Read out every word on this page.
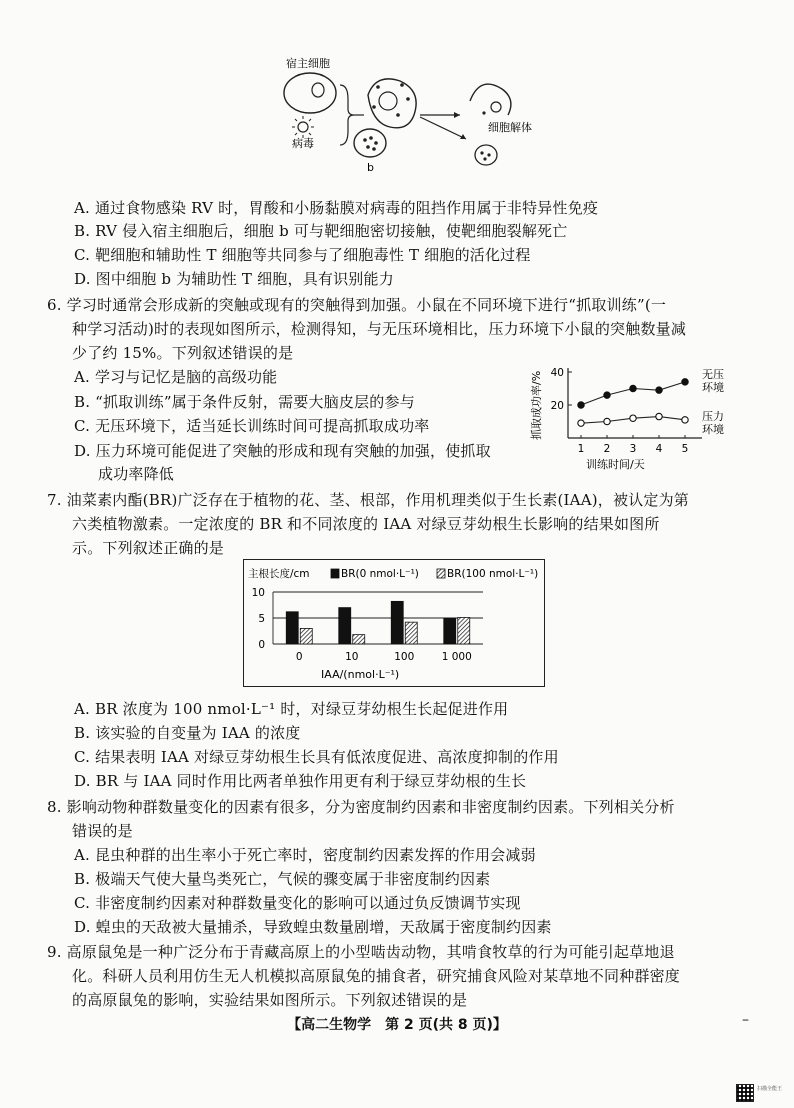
宿主细胞
病毒
b
细胞解体
A. 通过食物感染 RV 时，胃酸和小肠黏膜对病毒的阻挡作用属于非特异性免疫
B. RV 侵入宿主细胞后，细胞 b 可与靶细胞密切接触，使靶细胞裂解死亡
C. 靶细胞和辅助性 T 细胞等共同参与了细胞毒性 T 细胞的活化过程
D. 图中细胞 b 为辅助性 T 细胞，具有识别能力
6. 学习时通常会形成新的突触或现有的突触得到加强。小鼠在不同环境下进行“抓取训练”(一
种学习活动)时的表现如图所示，检测得知，与无压环境相比，压力环境下小鼠的突触数量减
少了约 15%。下列叙述错误的是
A. 学习与记忆是脑的高级功能
B. “抓取训练”属于条件反射，需要大脑皮层的参与
C. 无压环境下，适当延长训练时间可提高抓取成功率
D. 压力环境可能促进了突触的形成和现有突触的加强，使抓取
成功率降低
20
40
1 2 3 4 5
抓取成功率/%
训练时间/天
无压环境
压力环境
7. 油菜素内酯(BR)广泛存在于植物的花、茎、根部，作用机理类似于生长素(IAA)，被认定为第
六类植物激素。一定浓度的 BR 和不同浓度的 IAA 对绿豆芽幼根生长影响的结果如图所
示。下列叙述正确的是
主根长度/cm	BR(0 nmol·L⁻¹)	BR(100 nmol·L⁻¹)
0
5
10
0	10	100	1 000
IAA/(nmol·L⁻¹)
A. BR 浓度为 100 nmol·L⁻¹ 时，对绿豆芽幼根生长起促进作用
B. 该实验的自变量为 IAA 的浓度
C. 结果表明 IAA 对绿豆芽幼根生长具有低浓度促进、高浓度抑制的作用
D. BR 与 IAA 同时作用比两者单独作用更有利于绿豆芽幼根的生长
8. 影响动物种群数量变化的因素有很多，分为密度制约因素和非密度制约因素。下列相关分析
错误的是
A. 昆虫种群的出生率小于死亡率时，密度制约因素发挥的作用会减弱
B. 极端天气使大量鸟类死亡，气候的骤变属于非密度制约因素
C. 非密度制约因素对种群数量变化的影响可以通过负反馈调节实现
D. 蝗虫的天敌被大量捕杀，导致蝗虫数量剧增，天敌属于密度制约因素
9. 高原鼠兔是一种广泛分布于青藏高原上的小型啮齿动物，其啃食牧草的行为可能引起草地退
化。科研人员利用仿生无人机模拟高原鼠兔的捕食者，研究捕食风险对某草地不同种群密度
的高原鼠兔的影响，实验结果如图所示。下列叙述错误的是
【高二生物学　第 2 页(共 8 页)】	–
扫描全能王
